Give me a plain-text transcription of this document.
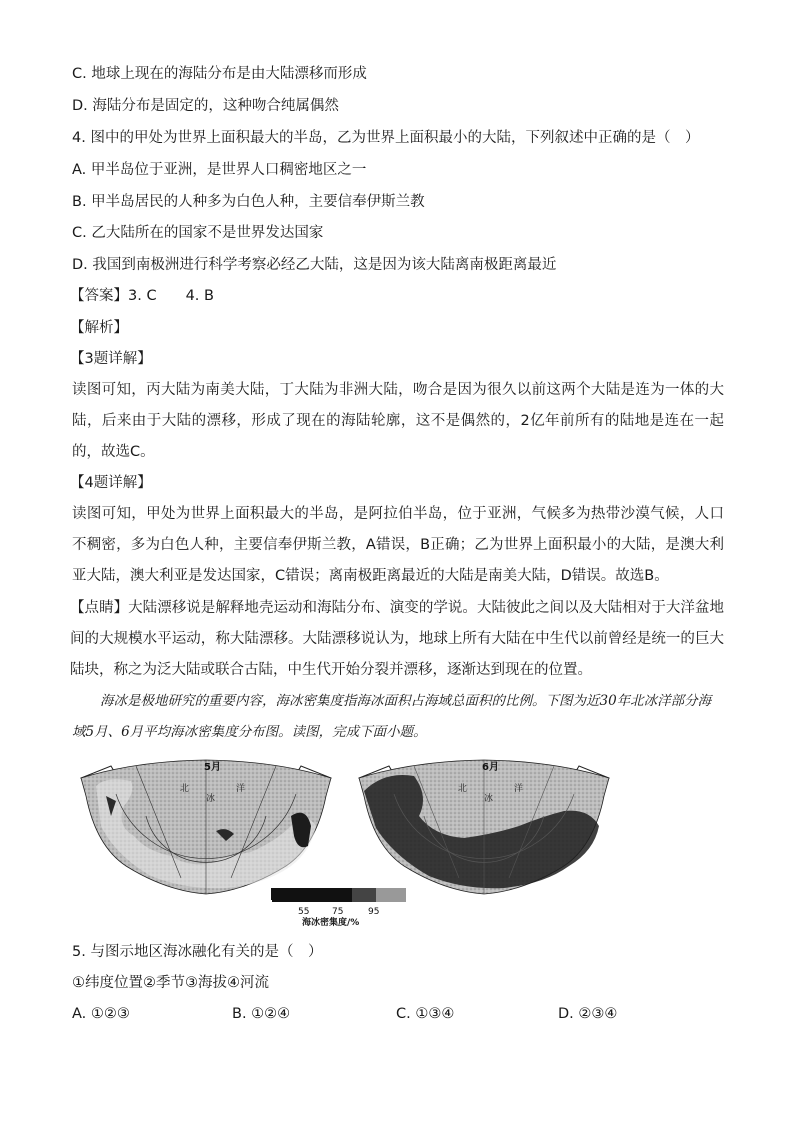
C. 地球上现在的海陆分布是由大陆漂移而形成
D. 海陆分布是固定的，这种吻合纯属偶然
4. 图中的甲处为世界上面积最大的半岛，乙为世界上面积最小的大陆，下列叙述中正确的是（　）
A. 甲半岛位于亚洲，是世界人口稠密地区之一
B. 甲半岛居民的人种多为白色人种，主要信奉伊斯兰教
C. 乙大陆所在的国家不是世界发达国家
D. 我国到南极洲进行科学考察必经乙大陆，这是因为该大陆离南极距离最近
【答案】3. C　　4. B
【解析】
【3题详解】
读图可知，丙大陆为南美大陆，丁大陆为非洲大陆，吻合是因为很久以前这两个大陆是连为一体的大陆，后来由于大陆的漂移，形成了现在的海陆轮廓，这不是偶然的，2亿年前所有的陆地是连在一起的，故选C。
【4题详解】
读图可知，甲处为世界上面积最大的半岛，是阿拉伯半岛，位于亚洲，气候多为热带沙漠气候，人口不稠密，多为白色人种，主要信奉伊斯兰教，A错误，B正确；乙为世界上面积最小的大陆，是澳大利亚大陆，澳大利亚是发达国家，C错误；离南极距离最近的大陆是南美大陆，D错误。故选B。
【点睛】大陆漂移说是解释地壳运动和海陆分布、演变的学说。大陆彼此之间以及大陆相对于大洋盆地间的大规模水平运动，称大陆漂移。大陆漂移说认为，地球上所有大陆在中生代以前曾经是统一的巨大陆块，称之为泛大陆或联合古陆，中生代开始分裂并漂移，逐渐达到现在的位置。
海冰是极地研究的重要内容，海冰密集度指海冰面积占海域总面积的比例。下图为近30年北冰洋部分海域5月、6月平均海冰密集度分布图。读图，完成下面小题。
5月
北
冰
洋
6月
北
冰
洋
55	75	95
海冰密集度/%
5. 与图示地区海冰融化有关的是（　）
①纬度位置②季节③海拔④河流
A. ①②③	B. ①②④	C. ①③④	D. ②③④
